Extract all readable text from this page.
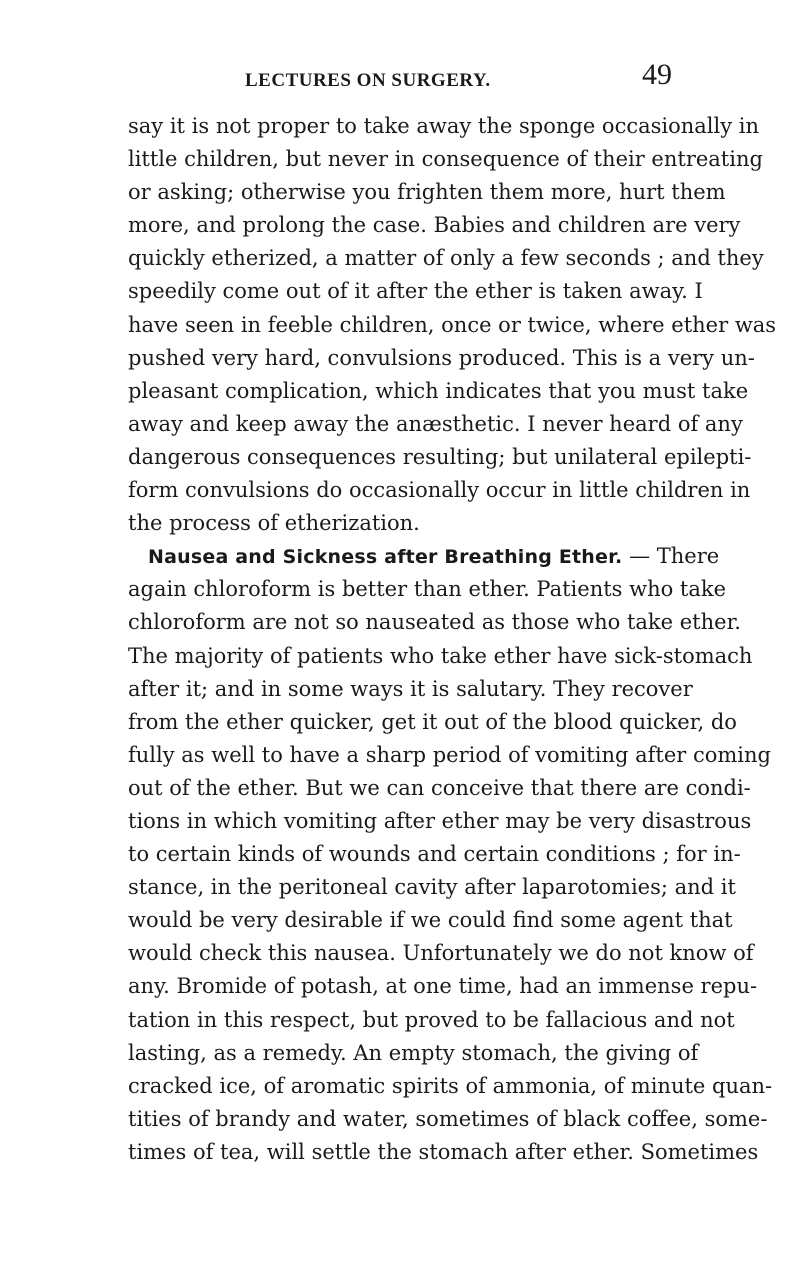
LECTURES ON SURGERY.	49
say it is not proper to take away the sponge occasionally in
little children, but never in consequence of their entreating
or asking; otherwise you frighten them more, hurt them
more, and prolong the case. Babies and children are very
quickly etherized, a matter of only a few seconds ; and they
speedily come out of it after the ether is taken away. I
have seen in feeble children, once or twice, where ether was
pushed very hard, convulsions produced. This is a very un-
pleasant complication, which indicates that you must take
away and keep away the anæsthetic. I never heard of any
dangerous consequences resulting; but unilateral epilepti-
form convulsions do occasionally occur in little children in
the process of etherization.
Nausea and Sickness after Breathing Ether. — There
again chloroform is better than ether. Patients who take
chloroform are not so nauseated as those who take ether.
The majority of patients who take ether have sick-stomach
after it; and in some ways it is salutary. They recover
from the ether quicker, get it out of the blood quicker, do
fully as well to have a sharp period of vomiting after coming
out of the ether. But we can conceive that there are condi-
tions in which vomiting after ether may be very disastrous
to certain kinds of wounds and certain conditions ; for in-
stance, in the peritoneal cavity after laparotomies; and it
would be very desirable if we could find some agent that
would check this nausea. Unfortunately we do not know of
any. Bromide of potash, at one time, had an immense repu-
tation in this respect, but proved to be fallacious and not
lasting, as a remedy. An empty stomach, the giving of
cracked ice, of aromatic spirits of ammonia, of minute quan-
tities of brandy and water, sometimes of black coffee, some-
times of tea, will settle the stomach after ether. Sometimes
